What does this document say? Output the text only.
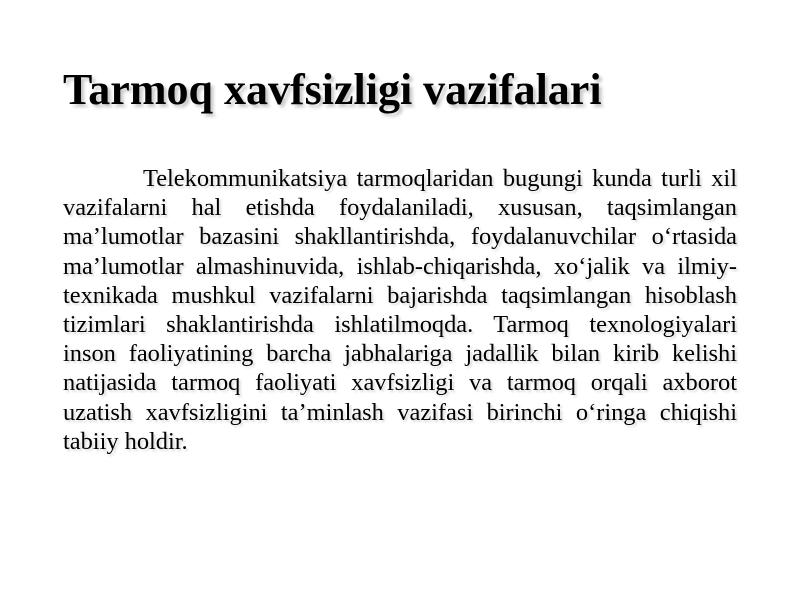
Tarmoq xavfsizligi vazifalari

Telekommunikatsiya tarmoqlaridan bugungi kunda turli xil vazifalarni hal etishda foydalaniladi, xususan, taqsimlangan ma’lumotlar bazasini shakllantirishda, foydalanuvchilar o‘rtasida ma’lumotlar almashinuvida, ishlab-chiqarishda, xo‘jalik va ilmiy-texnikada mushkul vazifalarni bajarishda taqsimlangan hisoblash tizimlari shaklantirishda ishlatilmoqda. Tarmoq texnologiyalari inson faoliyatining barcha jabhalariga jadallik bilan kirib kelishi natijasida tarmoq faoliyati xavfsizligi va tarmoq orqali axborot uzatish xavfsizligini ta’minlash vazifasi birinchi o‘ringa chiqishi tabiiy holdir.
